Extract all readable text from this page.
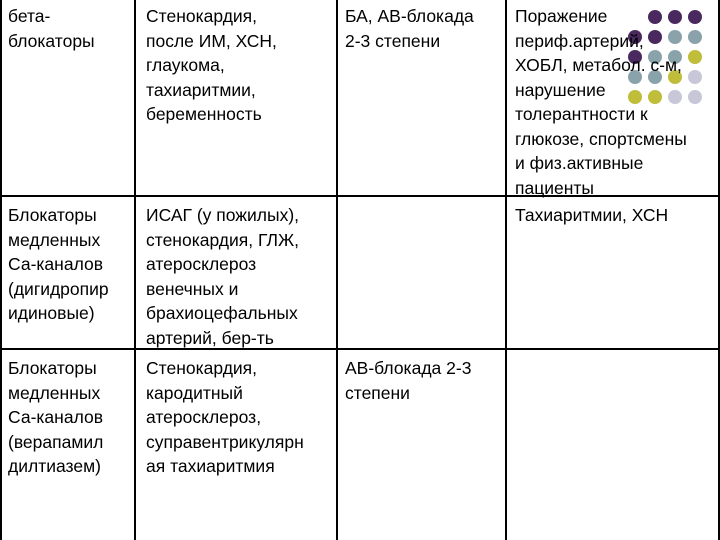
бета-
блокаторы
Стенокардия,
после ИМ, ХСН,
глаукома,
тахиаритмии,
беременность
БА, АВ-блокада
2-3 степени
Поражение
периф.артерий,
ХОБЛ, метабол. с-м,
нарушение
толерантности к
глюкозе, спортсмены
и физ.активные
пациенты
Блокаторы
медленных
Са-каналов
(дигидропир
идиновые)
ИСАГ (у пожилых),
стенокардия, ГЛЖ,
атеросклероз
венечных и
брахиоцефальных
артерий, бер-ть
Тахиаритмии, ХСН
Блокаторы
медленных
Са-каналов
(верапамил
дилтиазем)
Стенокардия,
кародитный
атеросклероз,
суправентрикулярн
ая тахиаритмия
АВ-блокада 2-3
степени
